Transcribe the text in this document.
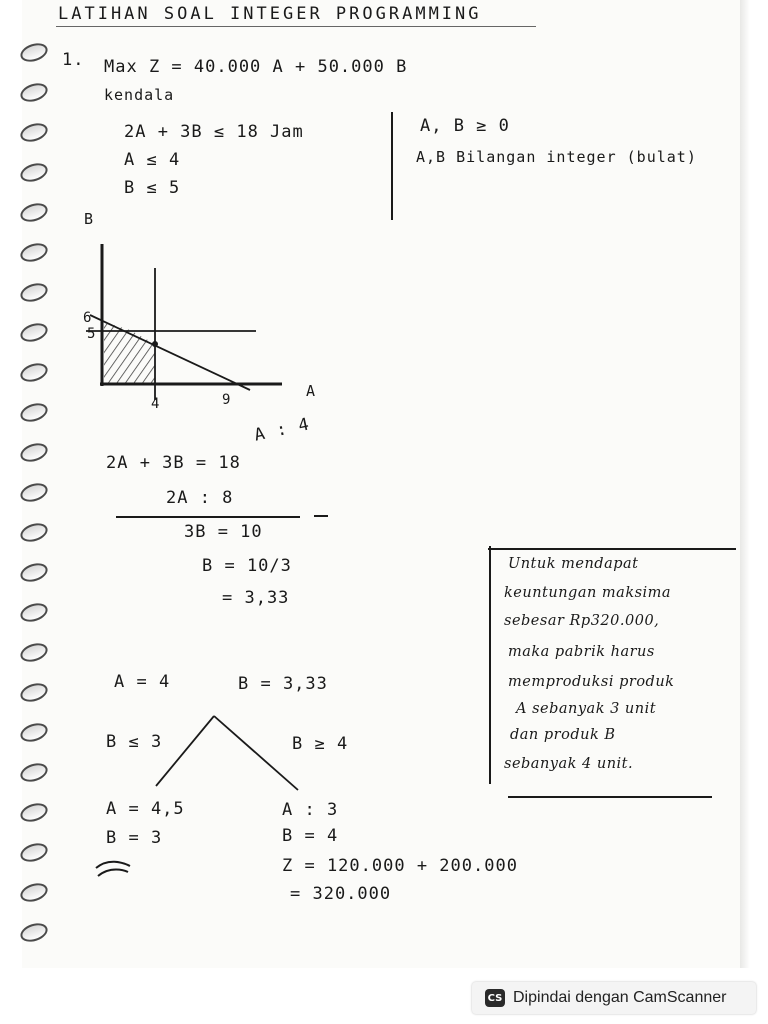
LATIHAN SOAL INTEGER PROGRAMMING
1. Max Z = 40.000 A + 50.000 B
kendala
2A + 3B ≤ 18 Jam
A ≤ 4
B ≤ 5
A, B ≥ 0
A,B Bilangan integer (bulat)
B
A
6
5
4	9
A : 4
2A + 3B = 18
2A : 8
3B = 10
B = 10/3
= 3,33
A = 4	B = 3,33
B ≤ 3	B ≥ 4
A = 4,5
B = 3
A : 3
B = 4
Z = 120.000 + 200.000
= 320.000
Untuk mendapat
keuntungan maksima
sebesar Rp320.000,
maka pabrik harus
memproduksi produk
A sebanyak 3 unit
dan produk B
sebanyak 4 unit.
CS Dipindai dengan CamScanner
